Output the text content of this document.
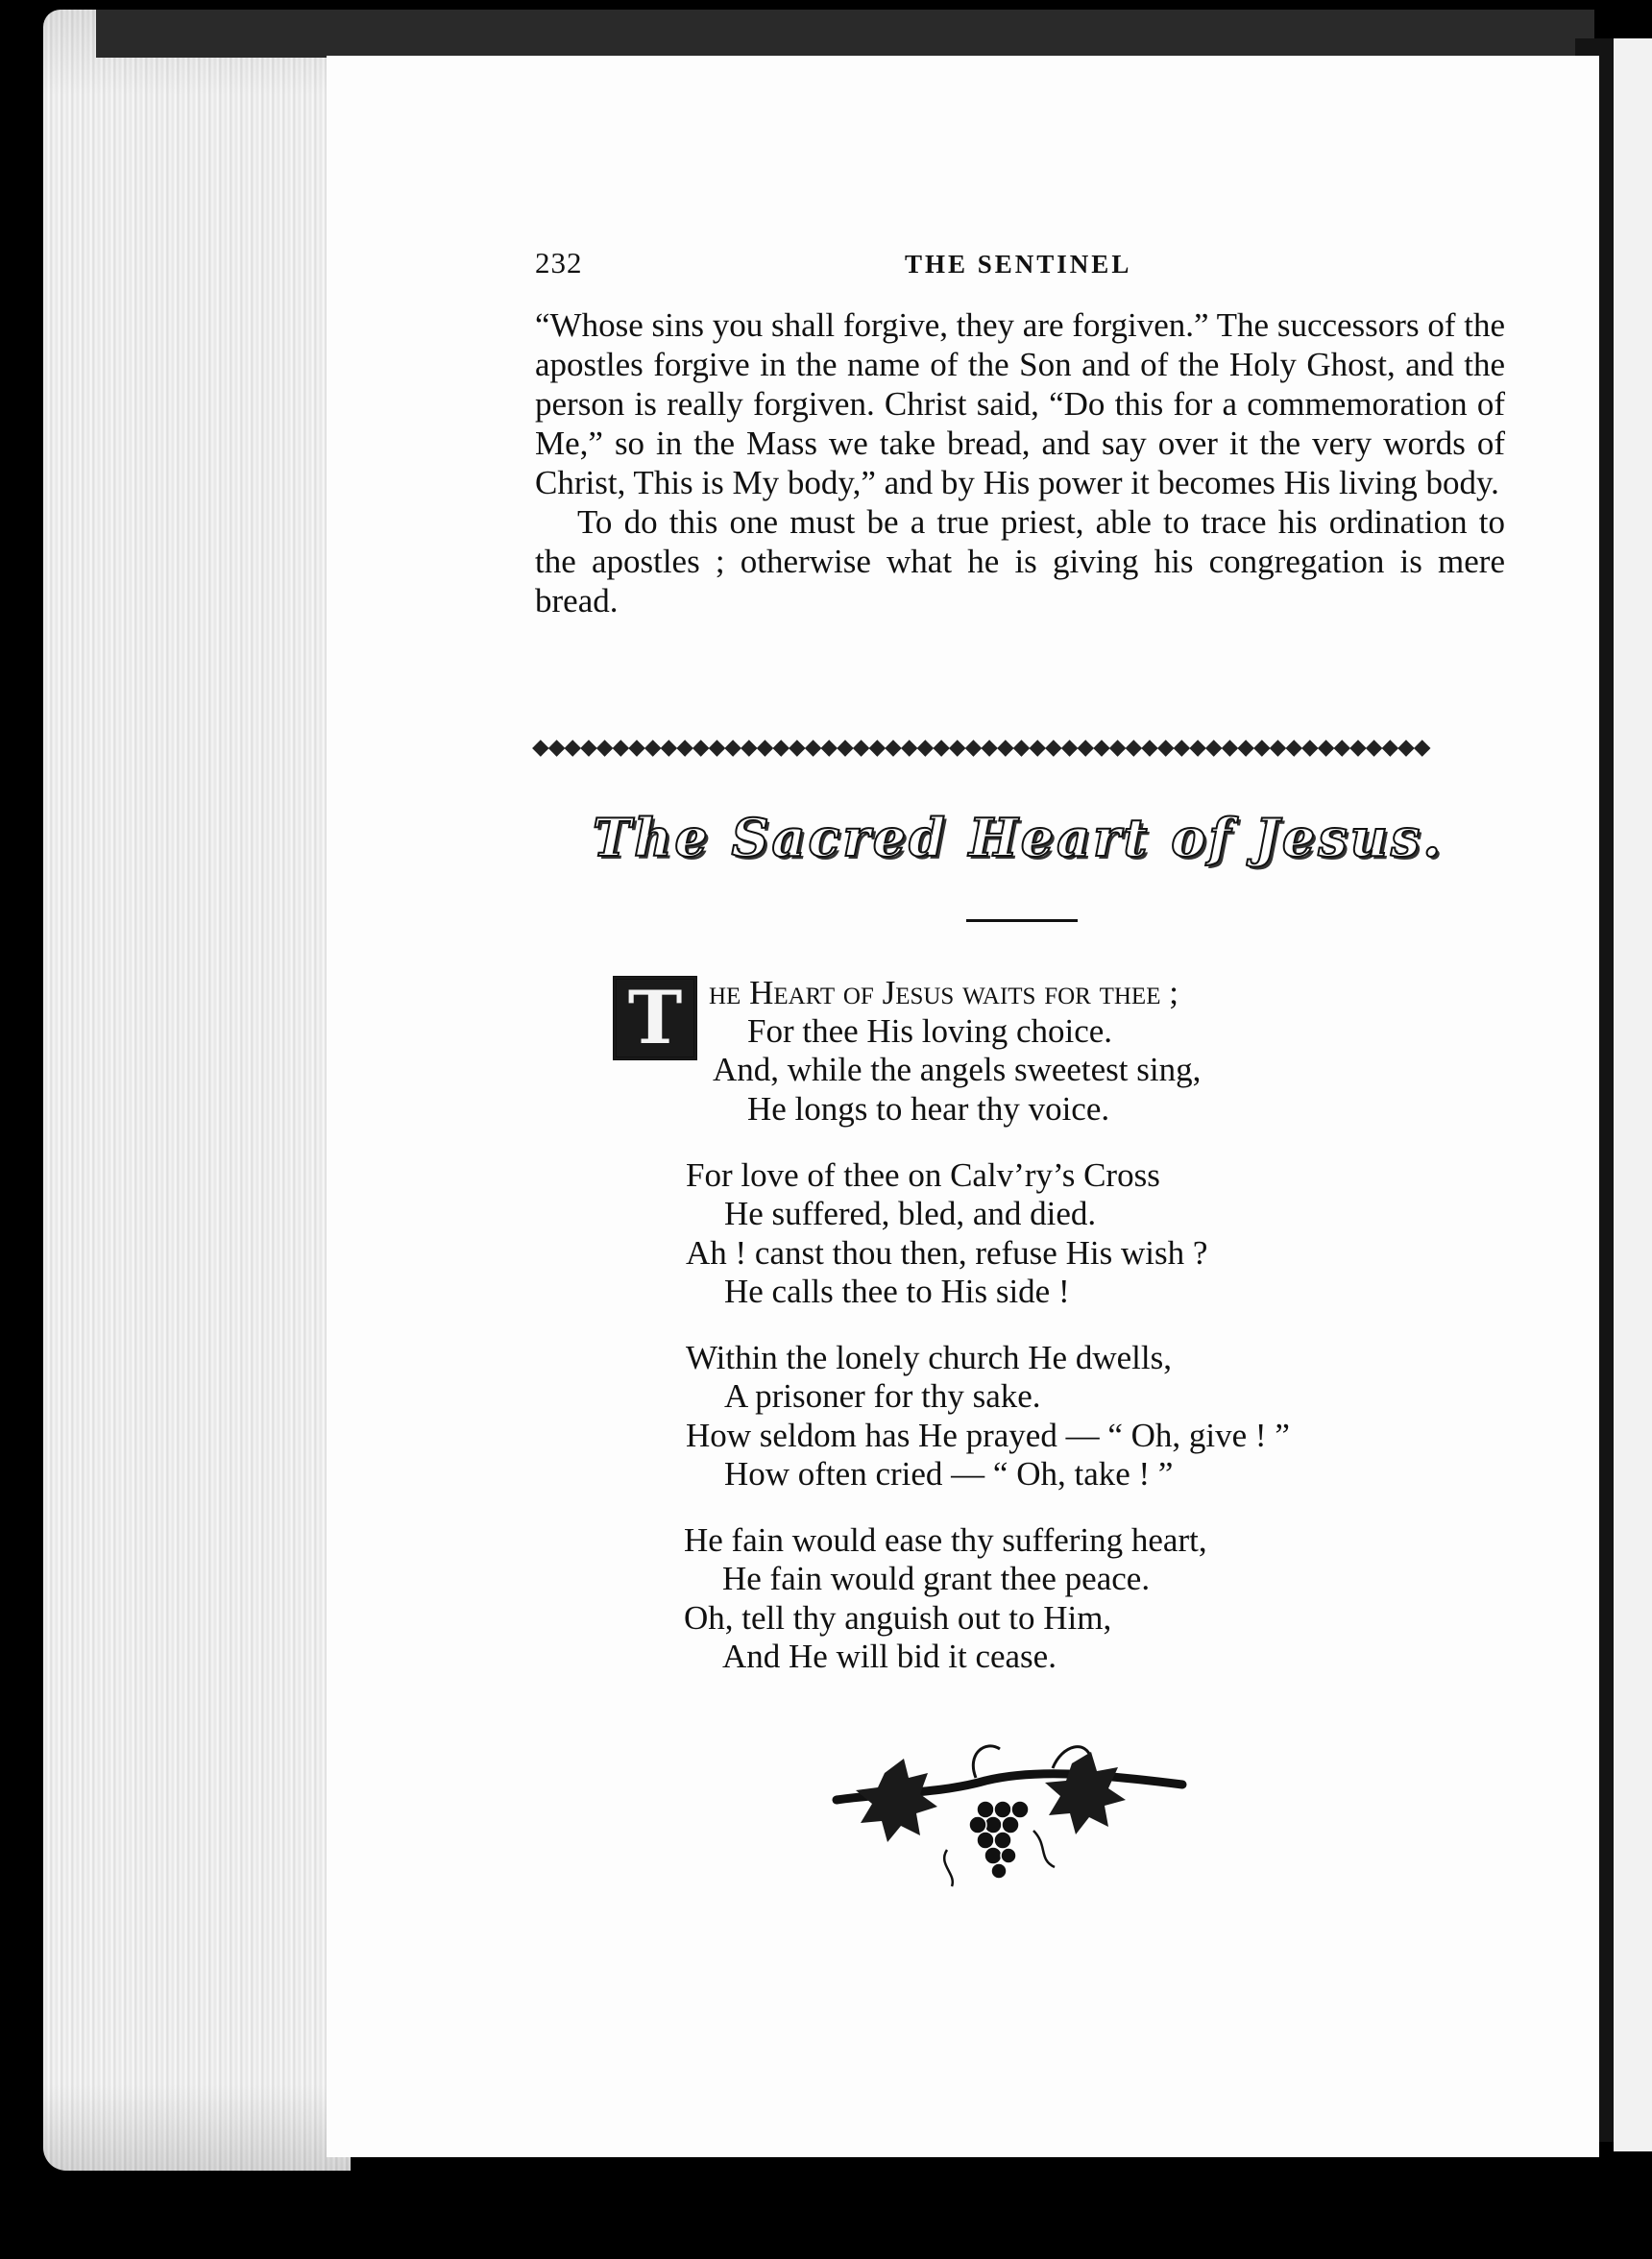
232	THE SENTINEL

“Whose sins you shall forgive, they are forgiven.” The successors of the apostles forgive in the name of the Son and of the Holy Ghost, and the person is really forgiven. Christ said, “Do this for a commemoration of Me,” so in the Mass we take bread, and say over it the very words of Christ, This is My body,” and by His power it becomes His living body.

To do this one must be a true priest, able to trace his ordination to the apostles ; otherwise what he is giving his congregation is mere bread.

◆◆◆◆◆◆◆◆◆◆◆◆◆◆◆◆◆◆◆◆◆◆◆◆◆◆◆◆◆◆◆◆◆◆◆◆◆◆◆◆◆◆◆◆◆◆◆◆◆◆◆◆◆◆◆◆
The Sacred Heart of Jesus.
T he Heart of Jesus waits for thee ;
For thee His loving choice.
And, while the angels sweetest sing,
He longs to hear thy voice.
For love of thee on Calv’ry’s Cross
He suffered, bled, and died.
Ah ! canst thou then, refuse His wish ?
He calls thee to His side !
Within the lonely church He dwells,
A prisoner for thy sake.
How seldom has He prayed — “ Oh, give ! ”
How often cried — “ Oh, take ! ”
He fain would ease thy suffering heart,
He fain would grant thee peace.
Oh, tell thy anguish out to Him,
And He will bid it cease.
